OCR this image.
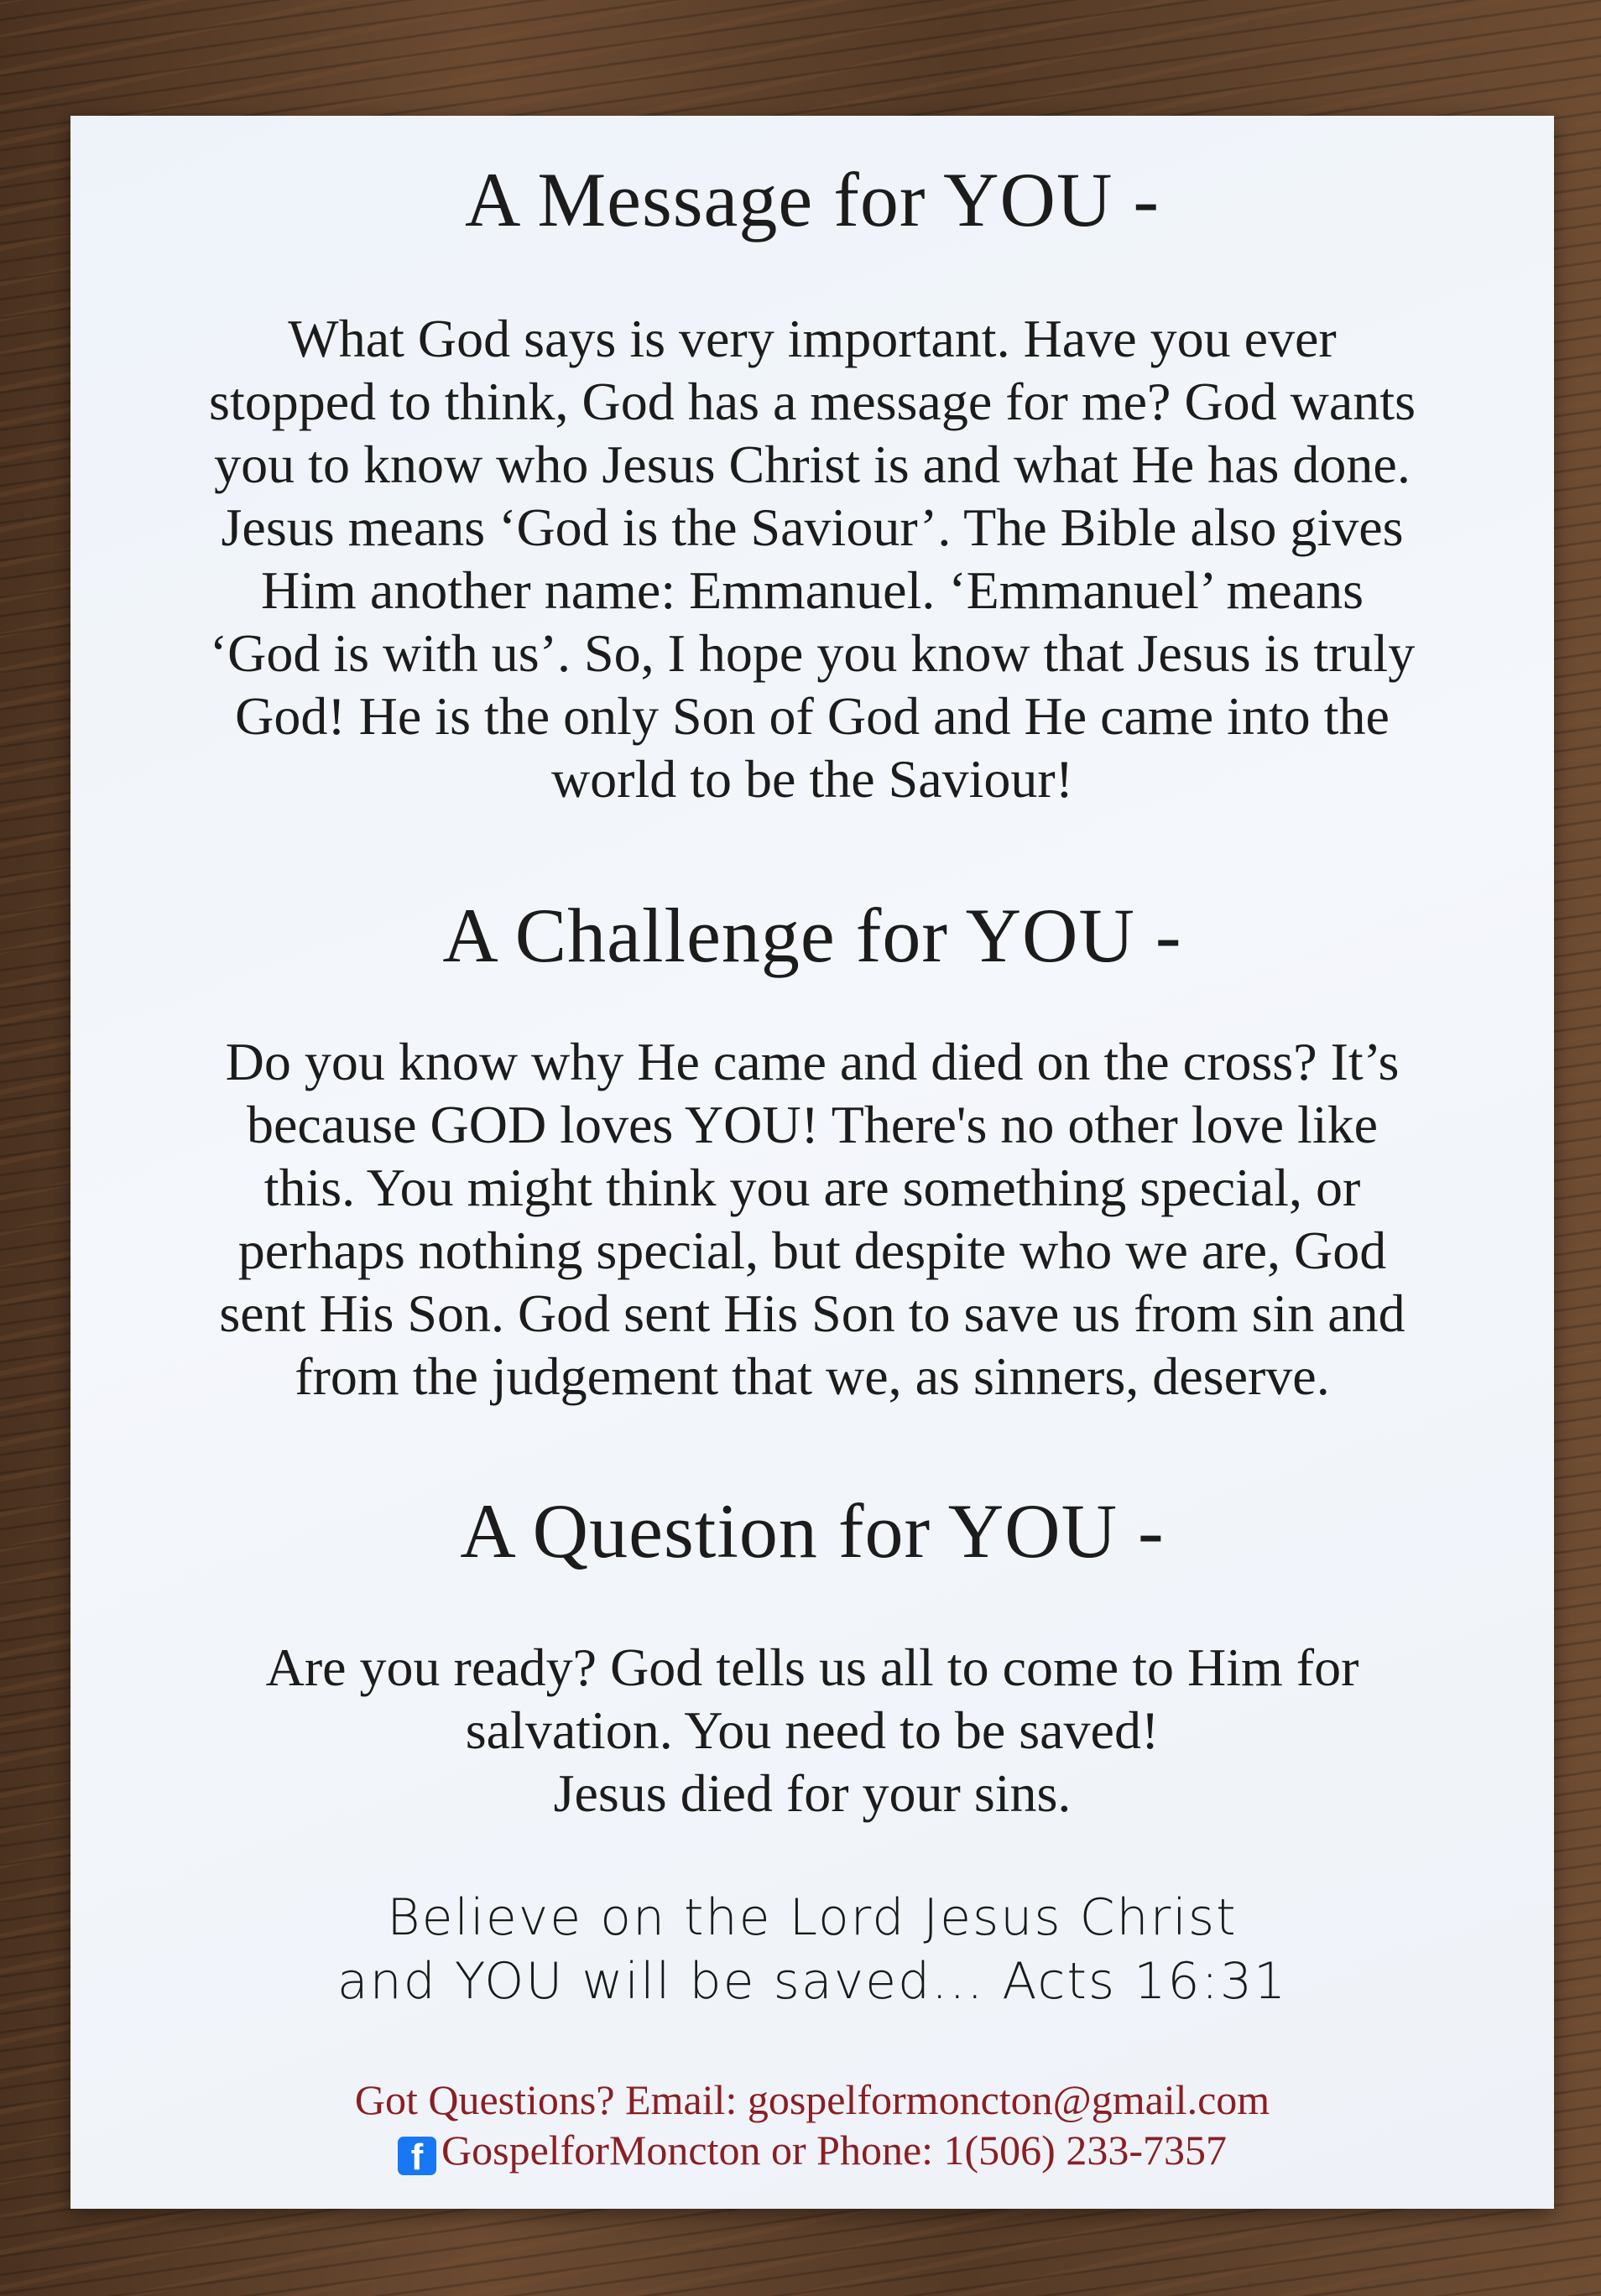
A Message for YOU -
What God says is very important. Have you ever
stopped to think, God has a message for me? God wants
you to know who Jesus Christ is and what He has done.
Jesus means ‘God is the Saviour’. The Bible also gives
Him another name: Emmanuel. ‘Emmanuel’ means
‘God is with us’. So, I hope you know that Jesus is truly
God! He is the only Son of God and He came into the
world to be the Saviour!
A Challenge for YOU -
Do you know why He came and died on the cross? It’s
because GOD loves YOU! There's no other love like
this. You might think you are something special, or
perhaps nothing special, but despite who we are, God
sent His Son. God sent His Son to save us from sin and
from the judgement that we, as sinners, deserve.
A Question for YOU -
Are you ready? God tells us all to come to Him for
salvation. You need to be saved!
Jesus died for your sins.
Believe on the Lord Jesus Christ
and YOU will be saved... Acts 16:31
Got Questions? Email: gospelformoncton@gmail.com
f GospelforMoncton or Phone: 1(506) 233-7357
